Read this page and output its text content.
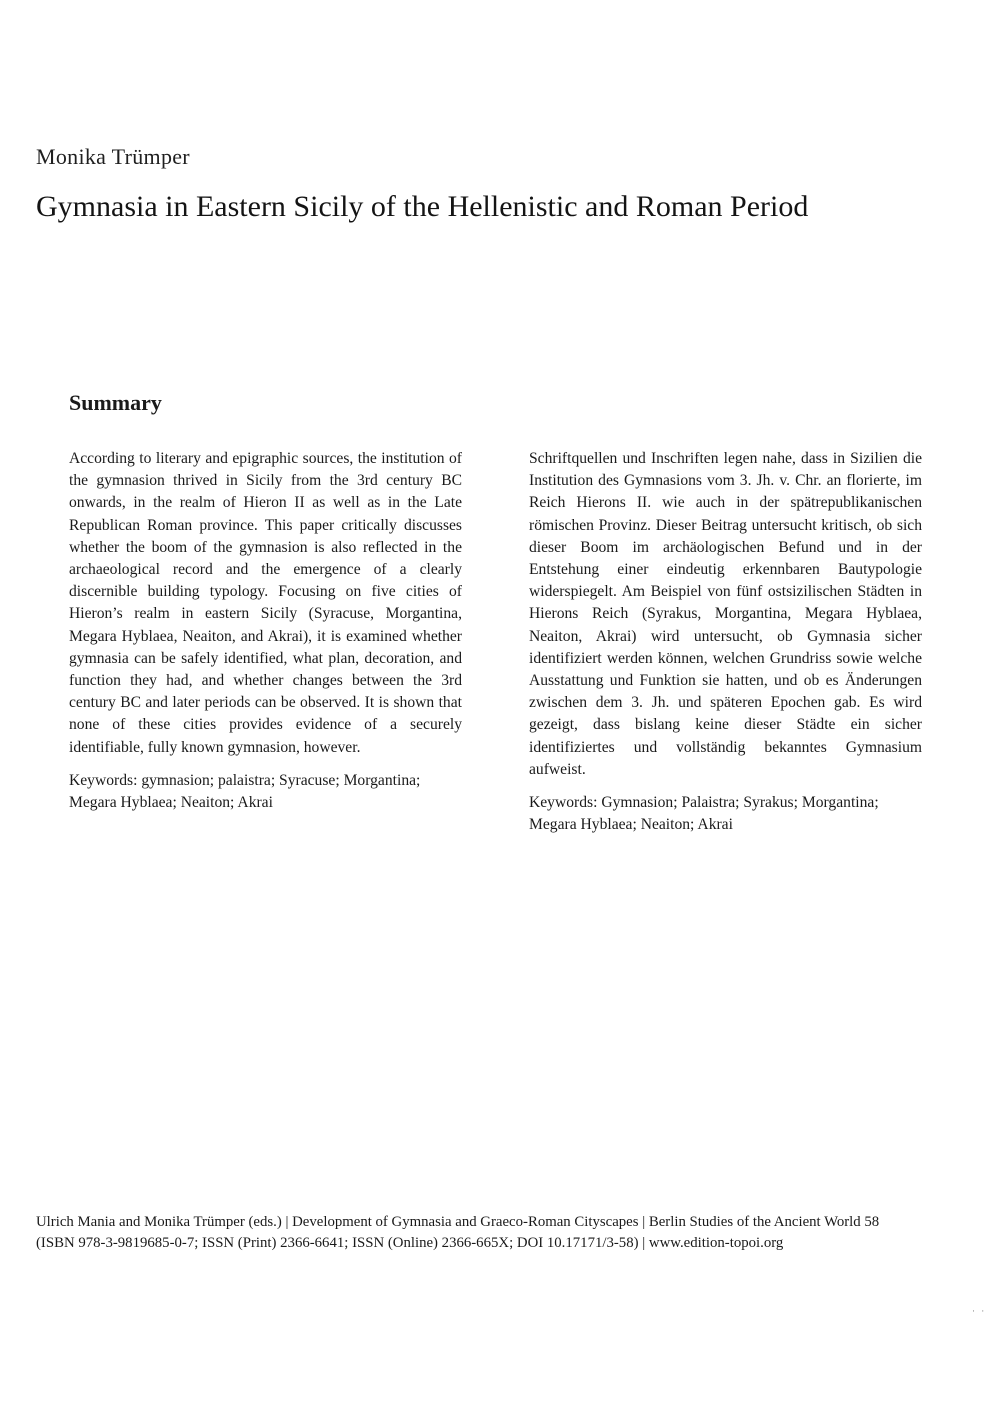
Monika Trümper
Gymnasia in Eastern Sicily of the Hellenistic and Roman Period
Summary

According to literary and epigraphic sources, the institution of the gymnasion thrived in Sicily from the 3rd century BC onwards, in the realm of Hieron II as well as in the Late Republican Roman province. This paper critically discusses whether the boom of the gymnasion is also reflected in the archaeological record and the emergence of a clearly discernible building typology. Focusing on five cities of Hieron’s realm in eastern Sicily (Syracuse, Morgantina, Megara Hyblaea, Neaiton, and Akrai), it is examined whether gymnasia can be safely identified, what plan, decoration, and function they had, and whether changes between the 3rd century BC and later periods can be observed. It is shown that none of these cities provides evidence of a securely identifiable, fully known gymnasion, however.

Keywords: gymnasion; palaistra; Syracuse; Morgantina; Megara Hyblaea; Neaiton; Akrai

Schriftquellen und Inschriften legen nahe, dass in Sizilien die Institution des Gymnasions vom 3. Jh. v. Chr. an florierte, im Reich Hierons II. wie auch in der spätrepublikanischen römischen Provinz. Dieser Beitrag untersucht kritisch, ob sich dieser Boom im archäologischen Befund und in der Entstehung einer eindeutig erkennbaren Bautypologie widerspiegelt. Am Beispiel von fünf ostsizilischen Städten in Hierons Reich (Syrakus, Morgantina, Megara Hyblaea, Neaiton, Akrai) wird untersucht, ob Gymnasia sicher identifiziert werden können, welchen Grundriss sowie welche Ausstattung und Funktion sie hatten, und ob es Änderungen zwischen dem 3. Jh. und späteren Epochen gab. Es wird gezeigt, dass bislang keine dieser Städte ein sicher identifiziertes und vollständig bekanntes Gymnasium aufweist.

Keywords: Gymnasion; Palaistra; Syrakus; Morgantina; Megara Hyblaea; Neaiton; Akrai

Ulrich Mania and Monika Trümper (eds.) | Development of Gymnasia and Graeco-Roman Cityscapes | Berlin Studies of the Ancient World 58
(ISBN 978-3-9819685-0-7; ISSN (Print) 2366-6641; ISSN (Online) 2366-665X; DOI 10.17171/3-58) | www.edition-topoi.org
· ·
